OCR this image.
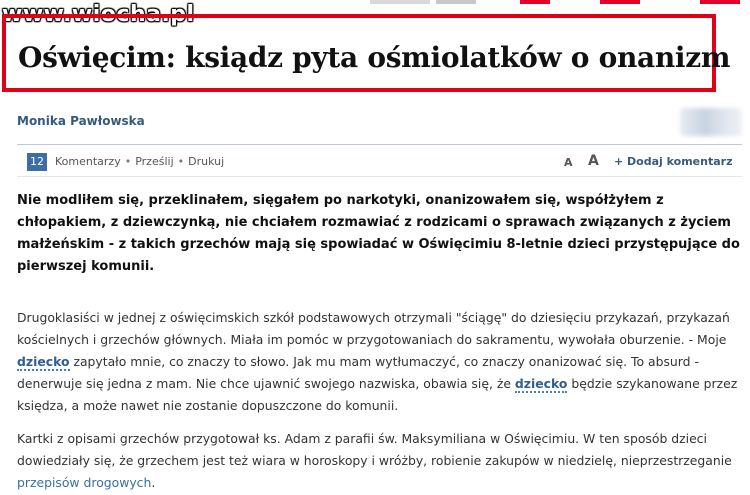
www.wiocha.pl
Oświęcim: ksiądz pyta ośmiolatków o onanizm
Monika Pawłowska
12 Komentarzy • Prześlij • Drukuj	A A + Dodaj komentarz

Nie modliłem się, przeklinałem, sięgałem po narkotyki, onanizowałem się, współżyłem z chłopakiem, z dziewczynką, nie chciałem rozmawiać z rodzicami o sprawach związanych z życiem małżeńskim - z takich grzechów mają się spowiadać w Oświęcimiu 8-letnie dzieci przystępujące do pierwszej komunii.

Drugoklasiści w jednej z oświęcimskich szkół podstawowych otrzymali "ściągę" do dziesięciu przykazań, przykazań kościelnych i grzechów głównych. Miała im pomóc w przygotowaniach do sakramentu, wywołała oburzenie. - Moje dziecko zapytało mnie, co znaczy to słowo. Jak mu mam wytłumaczyć, co znaczy onanizować się. To absurd - denerwuje się jedna z mam. Nie chce ujawnić swojego nazwiska, obawia się, że dziecko będzie szykanowane przez księdza, a może nawet nie zostanie dopuszczone do komunii.

Kartki z opisami grzechów przygotował ks. Adam z parafii św. Maksymiliana w Oświęcimiu. W ten sposób dzieci dowiedziały się, że grzechem jest też wiara w horoskopy i wróżby, robienie zakupów w niedzielę, nieprzestrzeganie przepisów drogowych.
